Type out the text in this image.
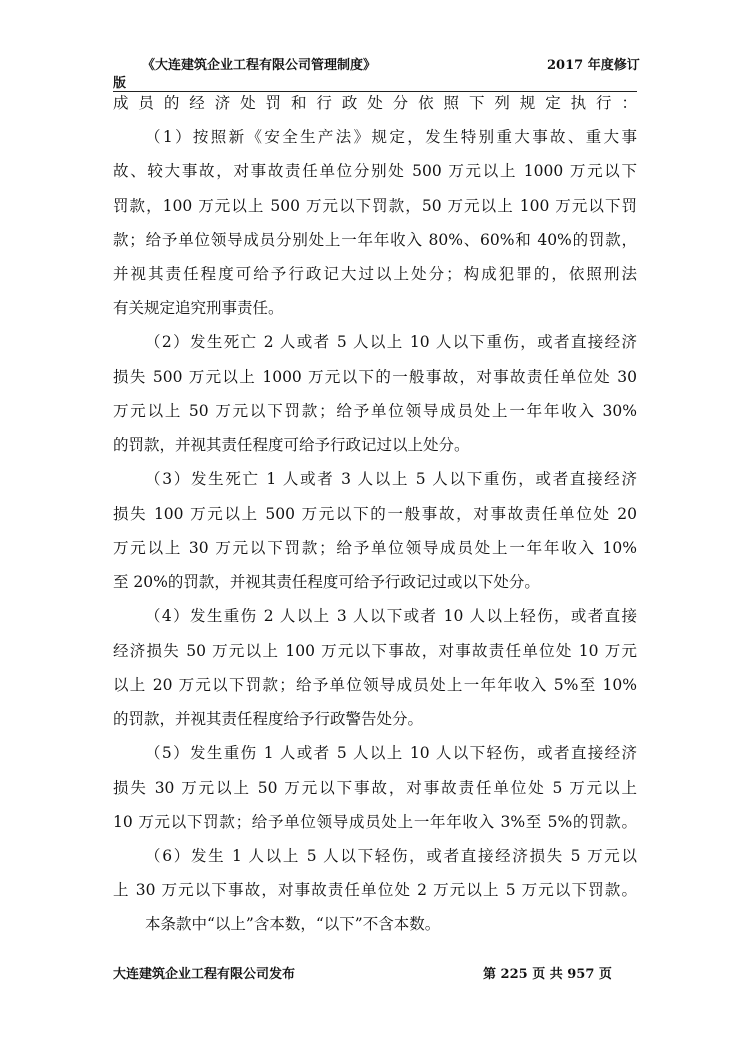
《大连建筑企业工程有限公司管理制度》	2017 年度修订
版
成员的经济处罚和行政处分依照下列规定执行：
（1）按照新《安全生产法》规定，发生特别重大事故、重大事
故、较大事故，对事故责任单位分别处 500 万元以上 1000 万元以下
罚款，100 万元以上 500 万元以下罚款，50 万元以上 100 万元以下罚
款；给予单位领导成员分别处上一年年收入 80%、60%和 40%的罚款，
并视其责任程度可给予行政记大过以上处分；构成犯罪的，依照刑法
有关规定追究刑事责任。
（2）发生死亡 2 人或者 5 人以上 10 人以下重伤，或者直接经济
损失 500 万元以上 1000 万元以下的一般事故，对事故责任单位处 30
万元以上 50 万元以下罚款；给予单位领导成员处上一年年收入 30%
的罚款，并视其责任程度可给予行政记过以上处分。
（3）发生死亡 1 人或者 3 人以上 5 人以下重伤，或者直接经济
损失 100 万元以上 500 万元以下的一般事故，对事故责任单位处 20
万元以上 30 万元以下罚款；给予单位领导成员处上一年年收入 10%
至 20%的罚款，并视其责任程度可给予行政记过或以下处分。
（4）发生重伤 2 人以上 3 人以下或者 10 人以上轻伤，或者直接
经济损失 50 万元以上 100 万元以下事故，对事故责任单位处 10 万元
以上 20 万元以下罚款；给予单位领导成员处上一年年收入 5%至 10%
的罚款，并视其责任程度给予行政警告处分。
（5）发生重伤 1 人或者 5 人以上 10 人以下轻伤，或者直接经济
损失 30 万元以上 50 万元以下事故，对事故责任单位处 5 万元以上
10 万元以下罚款；给予单位领导成员处上一年年收入 3%至 5%的罚款。
（6）发生 1 人以上 5 人以下轻伤，或者直接经济损失 5 万元以
上 30 万元以下事故，对事故责任单位处 2 万元以上 5 万元以下罚款。
本条款中“以上”含本数，“以下”不含本数。
大连建筑企业工程有限公司发布	第 225 页 共 957 页
